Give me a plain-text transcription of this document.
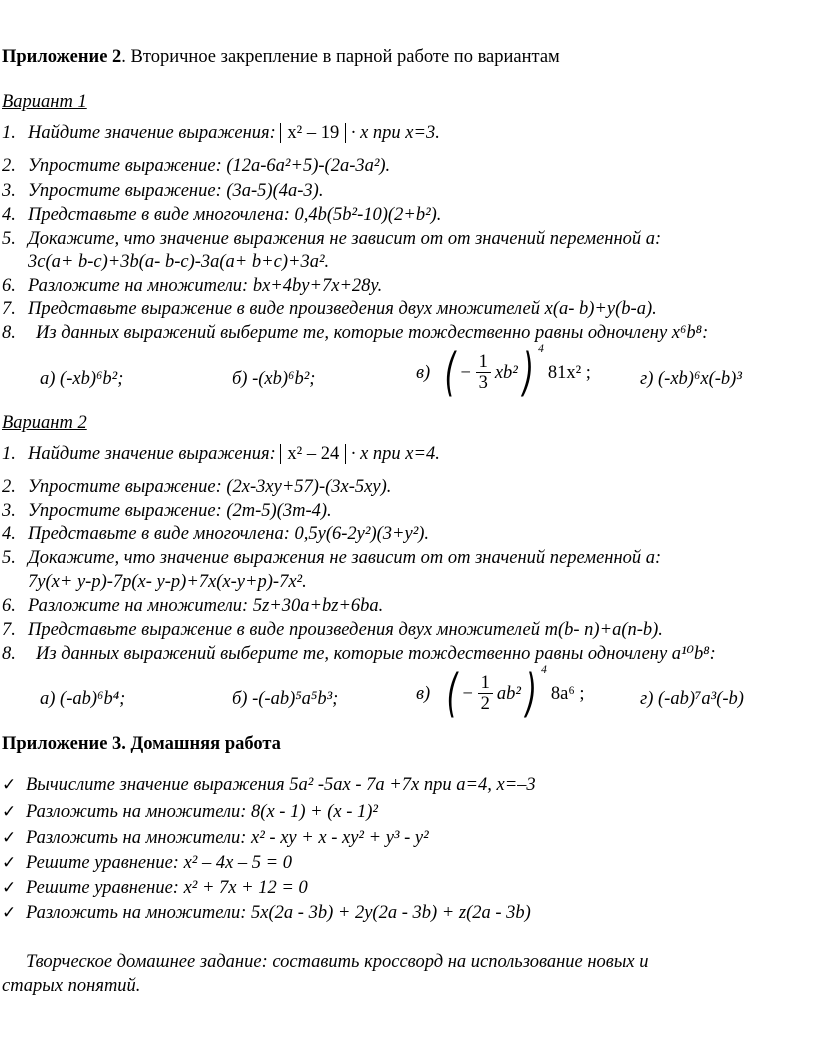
Приложение 2. Вторичное закрепление в парной работе по вариантам
Вариант 1
1. Найдите значение выражения: x² – 19 · x при x=3.
2. Упростите выражение: (12a-6a²+5)-(2a-3a²).
3. Упростите выражение: (3a-5)(4a-3).
4. Представьте в виде многочлена: 0,4b(5b²-10)(2+b²).
5. Докажите, что значение выражения не зависит от от значений переменной а:
3c(a+ b-c)+3b(a- b-c)-3a(a+ b+c)+3a².
6. Разложите на множители: bx+4by+7x+28y.
7. Представьте выражение в виде произведения двух множителей x(a- b)+y(b-a).
8. Из данных выражений выберите те, которые тождественно равны одночлену x⁶b⁸:
а) (-xb)⁶b²;	б) -(xb)⁶b²;	в) ( − $\frac{1}{3} xb^2$) $^4$81x² ;	г) (-xb)⁶x(-b)³
Вариант 2
1. Найдите значение выражения: x² – 24 · x при x=4.
2. Упростите выражение: (2x-3xy+57)-(3x-5xy).
3. Упростите выражение: (2m-5)(3m-4).
4. Представьте в виде многочлена: 0,5y(6-2y²)(3+y²).
5. Докажите, что значение выражения не зависит от от значений переменной а:
7y(x+ y-p)-7p(x- y-p)+7x(x-y+p)-7x².
6. Разложите на множители: 5z+30a+bz+6ba.
7. Представьте выражение в виде произведения двух множителей m(b- n)+a(n-b).
8. Из данных выражений выберите те, которые тождественно равны одночлену a¹⁰b⁸:
а) (-ab)⁶b⁴;	б) -(-ab)⁵a⁵b³;	в) ( − $\frac{1}{2} ab^2$) $^4$8a⁶ ;	г) (-ab)⁷a³(-b)
Приложение 3. Домашняя работа
✓ Вычислите значение выражения 5a² -5ax - 7a +7x при a=4, x=–3
✓ Разложить на множители: 8(x - 1) + (x - 1)²
✓ Разложить на множители: x² - xy + x - xy² + y³ - y²
✓ Решите уравнение: x² – 4x – 5 = 0
✓ Решите уравнение: x² + 7x + 12 = 0
✓ Разложить на множители: 5x(2a - 3b) + 2y(2a - 3b) + z(2a - 3b)
Творческое домашнее задание: составить кроссворд на использование новых и
старых понятий.
